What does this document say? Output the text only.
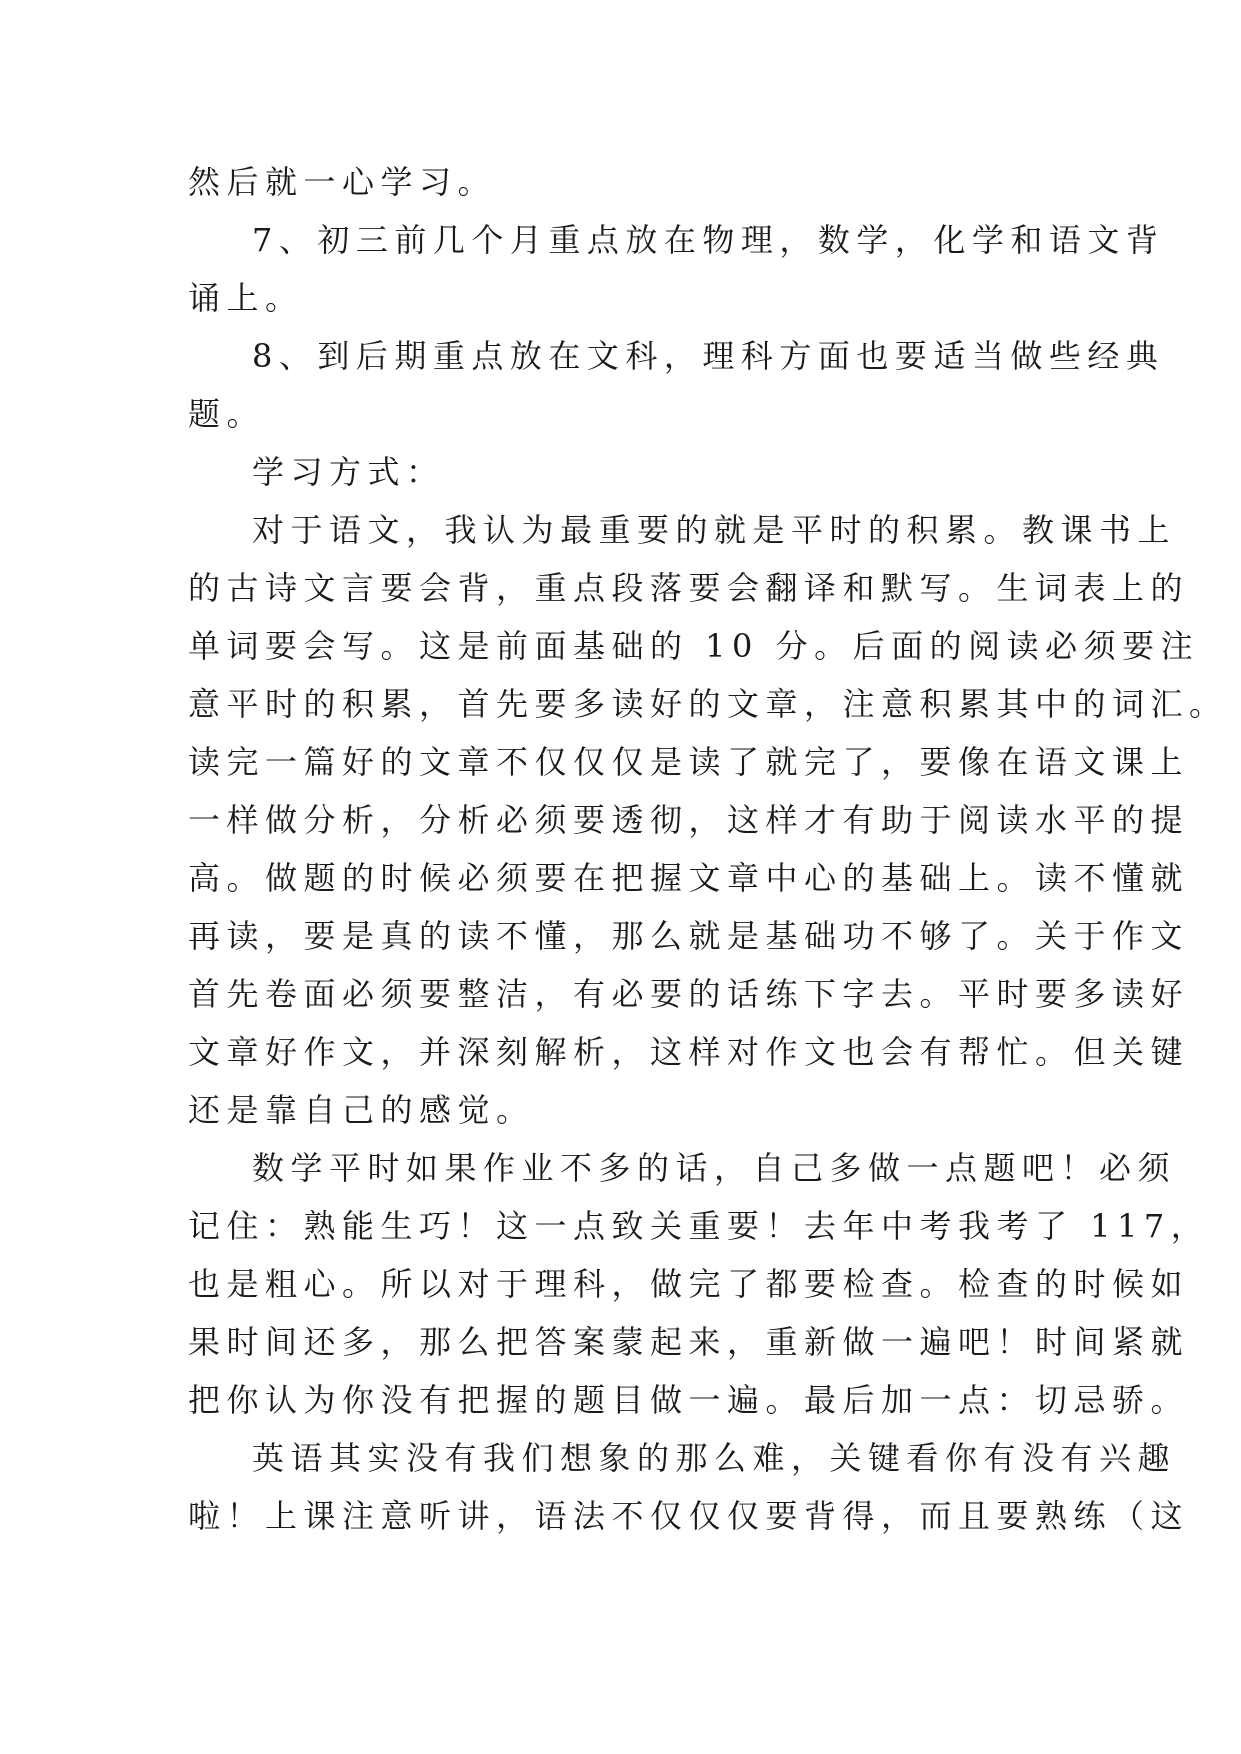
然后就一心学习。
7、初三前几个月重点放在物理，数学，化学和语文背
诵上。
8、到后期重点放在文科，理科方面也要适当做些经典
题。
学习方式：
对于语文，我认为最重要的就是平时的积累。教课书上
的古诗文言要会背，重点段落要会翻译和默写。生词表上的
单词要会写。这是前面基础的 10 分。后面的阅读必须要注
意平时的积累，首先要多读好的文章，注意积累其中的词汇。
读完一篇好的文章不仅仅仅是读了就完了，要像在语文课上
一样做分析，分析必须要透彻，这样才有助于阅读水平的提
高。做题的时候必须要在把握文章中心的基础上。读不懂就
再读，要是真的读不懂，那么就是基础功不够了。关于作文
首先卷面必须要整洁，有必要的话练下字去。平时要多读好
文章好作文，并深刻解析，这样对作文也会有帮忙。但关键
还是靠自己的感觉。
数学平时如果作业不多的话，自己多做一点题吧！必须
记住：熟能生巧！这一点致关重要！去年中考我考了 117，
也是粗心。所以对于理科，做完了都要检查。检查的时候如
果时间还多，那么把答案蒙起来，重新做一遍吧！时间紧就
把你认为你没有把握的题目做一遍。最后加一点：切忌骄。
英语其实没有我们想象的那么难，关键看你有没有兴趣
啦！上课注意听讲，语法不仅仅仅要背得，而且要熟练（这
